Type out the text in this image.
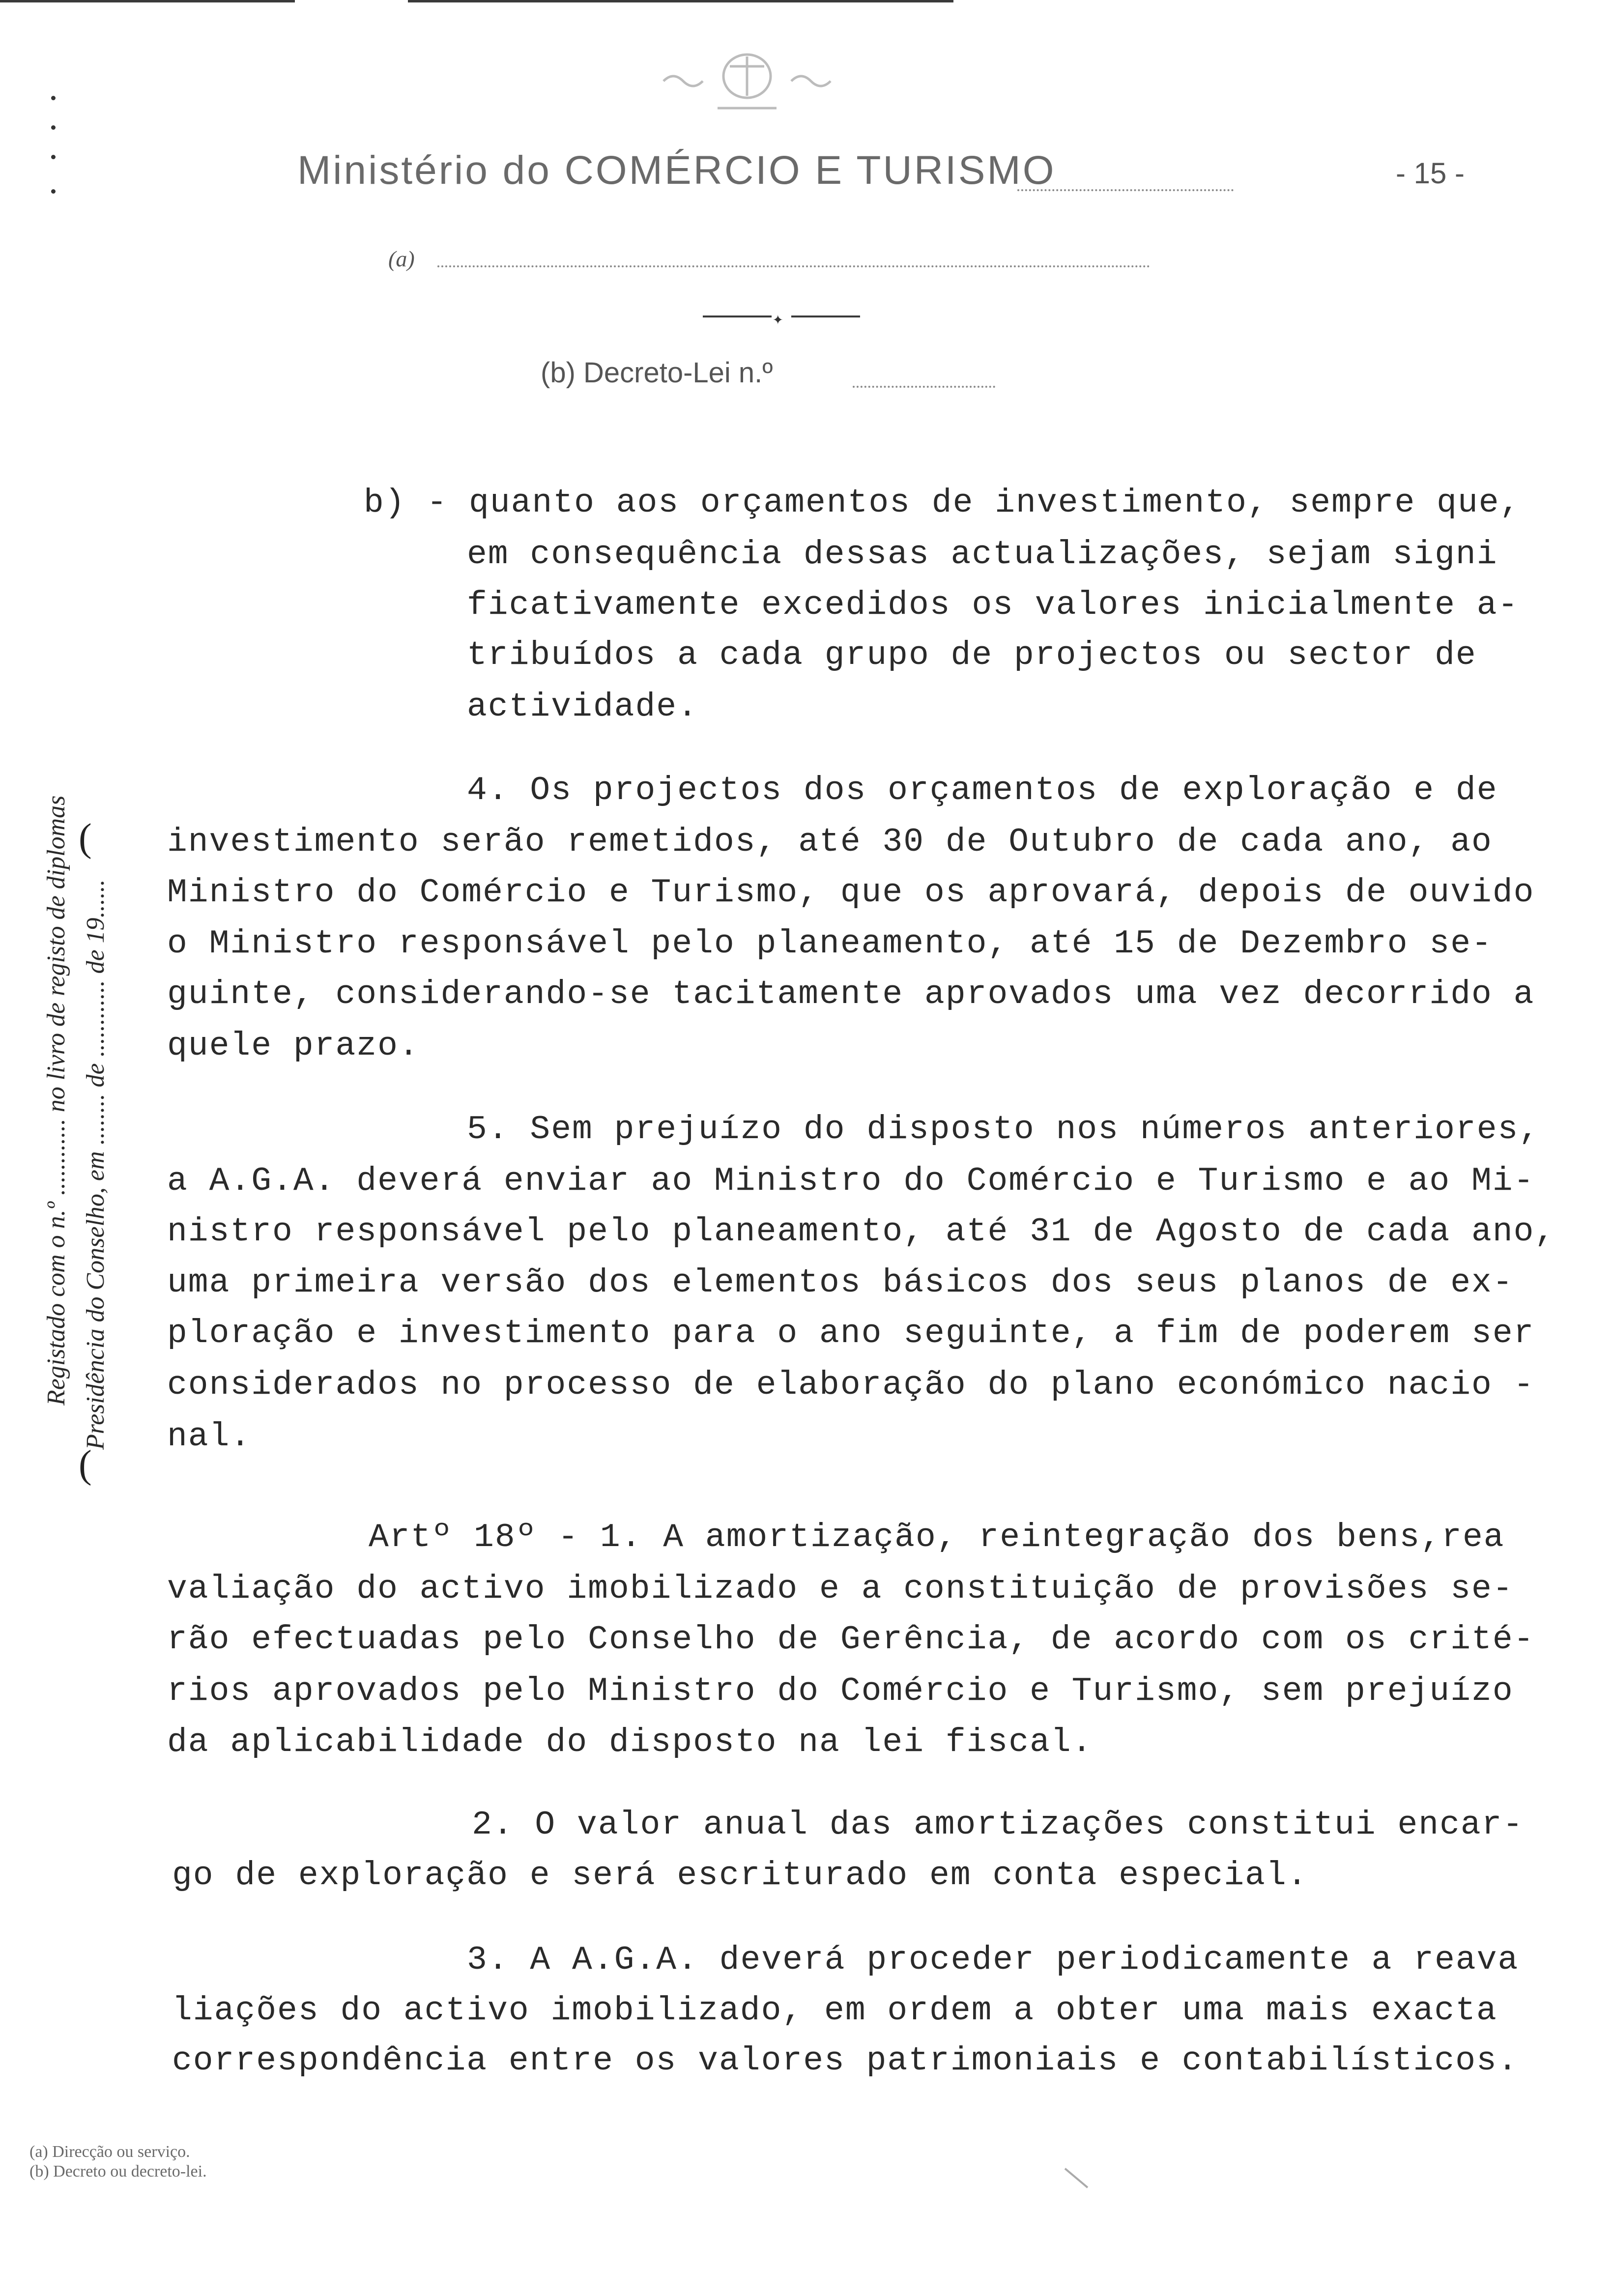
Ministério do COMÉRCIO E TURISMO	- 15 -
(a)
✦
(b) Decreto-Lei n.º
Registado com o n.º ............ no livro de registo de diplomas Presidência do Conselho, em ........ de ............ de 19......
(
(
b) - quanto aos orçamentos de investimento, sempre que,
em consequência dessas actualizações, sejam signi
ficativamente excedidos os valores inicialmente a-
tribuídos a cada grupo de projectos ou sector de
actividade.
4. Os projectos dos orçamentos de exploração e de
investimento serão remetidos, até 30 de Outubro de cada ano, ao
Ministro do Comércio e Turismo, que os aprovará, depois de ouvido
o Ministro responsável pelo planeamento, até 15 de Dezembro se-
guinte, considerando-se tacitamente aprovados uma vez decorrido a
quele prazo.
5. Sem prejuízo do disposto nos números anteriores,
a A.G.A. deverá enviar ao Ministro do Comércio e Turismo e ao Mi-
nistro responsável pelo planeamento, até 31 de Agosto de cada ano,
uma primeira versão dos elementos básicos dos seus planos de ex-
ploração e investimento para o ano seguinte, a fim de poderem ser
considerados no processo de elaboração do plano económico nacio -
nal.
Artº 18º - 1. A amortização, reintegração dos bens,rea
valiação do activo imobilizado e a constituição de provisões se-
rão efectuadas pelo Conselho de Gerência, de acordo com os crité-
rios aprovados pelo Ministro do Comércio e Turismo, sem prejuízo
da aplicabilidade do disposto na lei fiscal.
2. O valor anual das amortizações constitui encar-
go de exploração e será escriturado em conta especial.
3. A A.G.A. deverá proceder periodicamente a reava
liações do activo imobilizado, em ordem a obter uma mais exacta
correspondência entre os valores patrimoniais e contabilísticos.
(a) Direcção ou serviço.
(b) Decreto ou decreto-lei.
